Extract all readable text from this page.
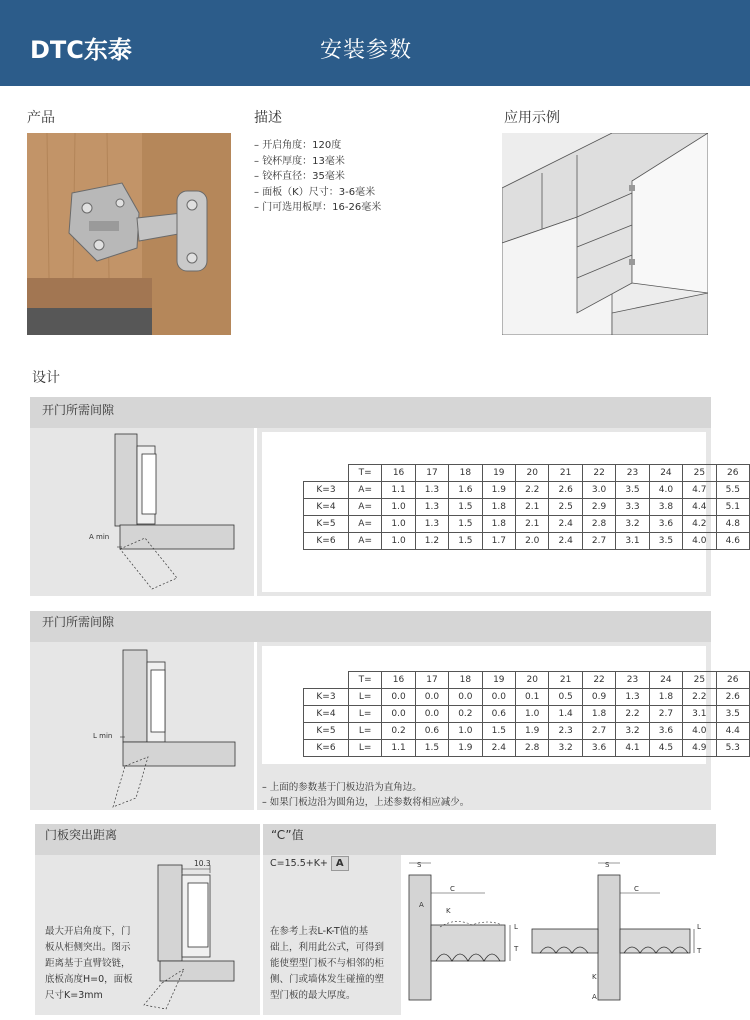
DTC东泰	安装参数
产品	描述	应用示例
设计
– 开启角度：120度
– 铰杯厚度：13毫米
– 铰杯直径：35毫米
– 面板（K）尺寸：3-6毫米
– 门可选用板厚：16-26毫米
开门所需间隙
A min
	T=	16	17	18	19	20	21	22	23	24	25	26
K=3	A=	1.1	1.3	1.6	1.9	2.2	2.6	3.0	3.5	4.0	4.7	5.5
K=4	A=	1.0	1.3	1.5	1.8	2.1	2.5	2.9	3.3	3.8	4.4	5.1
K=5	A=	1.0	1.3	1.5	1.8	2.1	2.4	2.8	3.2	3.6	4.2	4.8
K=6	A=	1.0	1.2	1.5	1.7	2.0	2.4	2.7	3.1	3.5	4.0	4.6
开门所需间隙
L min
	T=	16	17	18	19	20	21	22	23	24	25	26
K=3	L=	0.0	0.0	0.0	0.0	0.1	0.5	0.9	1.3	1.8	2.2	2.6
K=4	L=	0.0	0.0	0.2	0.6	1.0	1.4	1.8	2.2	2.7	3.1	3.5
K=5	L=	0.2	0.6	1.0	1.5	1.9	2.3	2.7	3.2	3.6	4.0	4.4
K=6	L=	1.1	1.5	1.9	2.4	2.8	3.2	3.6	4.1	4.5	4.9	5.3
– 上面的参数基于门板边沿为直角边。
– 如果门板边沿为圆角边，上述参数将相应减少。
门板突出距离
最大开启角度下，门
板从柜侧突出。图示
距离基于直臂铰链，
底板高度H=0，面板
尺寸K=3mm
10.3
“C”值
C=15.5+K+ A
在参考上表L-K-T值的基
础上，利用此公式，可得到
能使塑型门板不与相邻的柜
侧、门或墙体发生碰撞的塑
型门板的最大厚度。
S
C
A
K
L
T
S
C
L
T
K
A
